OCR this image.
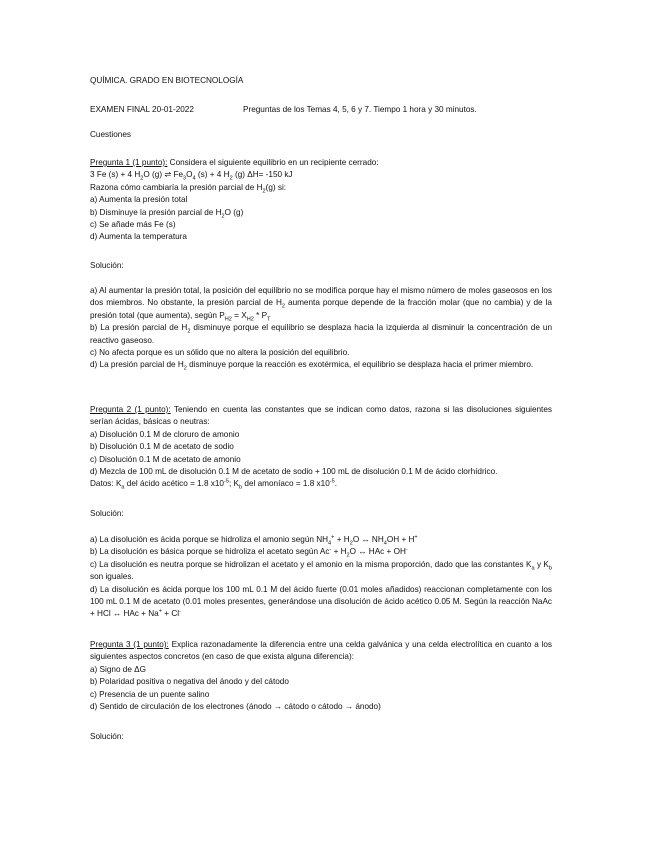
QUÍMICA. GRADO EN BIOTECNOLOGÍA

EXAMEN FINAL 20-01-2022	Preguntas de los Temas 4, 5, 6 y 7. Tiempo 1 hora y 30 minutos.

Cuestiones

Pregunta 1 (1 punto): Considera el siguiente equilibrio en un recipiente cerrado:

3 Fe (s) + 4 $H_2O$ (g) ⇌ $Fe_3O_4$ (s) + 4 $H_2$ (g) ΔH= -150 kJ

Razona cómo cambiaría la presión parcial de $H_2(g)$ si:

a) Aumenta la presión total

b) Disminuye la presión parcial de $H_2O$ (g)

c) Se añade más Fe (s)

d) Aumenta la temperatura

Solución:

a) Al aumentar la presión total, la posición del equilibrio no se modifica porque hay el mismo número de moles gaseosos en los dos miembros. No obstante, la presión parcial de $H_2$ aumenta porque depende de la fracción molar (que no cambia) y de la presión total (que aumenta), según $P_{H2} = X_{H2} * P_T$

b) La presión parcial de $H_2$ disminuye porque el equilibrio se desplaza hacia la izquierda al disminuir la concentración de un reactivo gaseoso.

c) No afecta porque es un sólido que no altera la posición del equilibrio.

d) La presión parcial de $H_2$ disminuye porque la reacción es exotérmica, el equilibrio se desplaza hacia el primer miembro.

Pregunta 2 (1 punto): Teniendo en cuenta las constantes que se indican como datos, razona si las disoluciones siguientes serían ácidas, básicas o neutras:

a) Disolución 0.1 M de cloruro de amonio

b) Disolución 0.1 M de acetato de sodio

c) Disolución 0.1 M de acetato de amonio

d) Mezcla de 100 mL de disolución 0.1 M de acetato de sodio + 100 mL de disolución 0.1 M de ácido clorhídrico.

Datos: $K_a$ del ácido acético = 1.8 $x10^{-5}$; $K_b$ del amoníaco = 1.8 $x10^{-5}$.

Solución:

a) La disolución es ácida porque se hidroliza el amonio según $NH_4^+ + H_2O$ ↔ $NH_4OH + H^+$

b) La disolución es básica porque se hidroliza el acetato según $Ac^- + H_2O$ ↔ HAc + OH-

c) La disolución es neutra porque se hidrolizan el acetato y el amonio en la misma proporción, dado que las constantes $K_a$ y $K_b$ son iguales.

d) La disolución es ácida porque los 100 mL 0.1 M del ácido fuerte (0.01 moles añadidos) reaccionan completamente con los 100 mL 0.1 M de acetato (0.01 moles presentes, generándose una disolución de ácido acético 0.05 M. Según la reacción NaAc + HCl ↔ HAc + Na+ + Cl-

Pregunta 3 (1 punto): Explica razonadamente la diferencia entre una celda galvánica y una celda electrolítica en cuanto a los siguientes aspectos concretos (en caso de que exista alguna diferencia):

a) Signo de ΔG

b) Polaridad positiva o negativa del ánodo y del cátodo

c) Presencia de un puente salino

d) Sentido de circulación de los electrones (ánodo → cátodo o cátodo → ánodo)

Solución:
